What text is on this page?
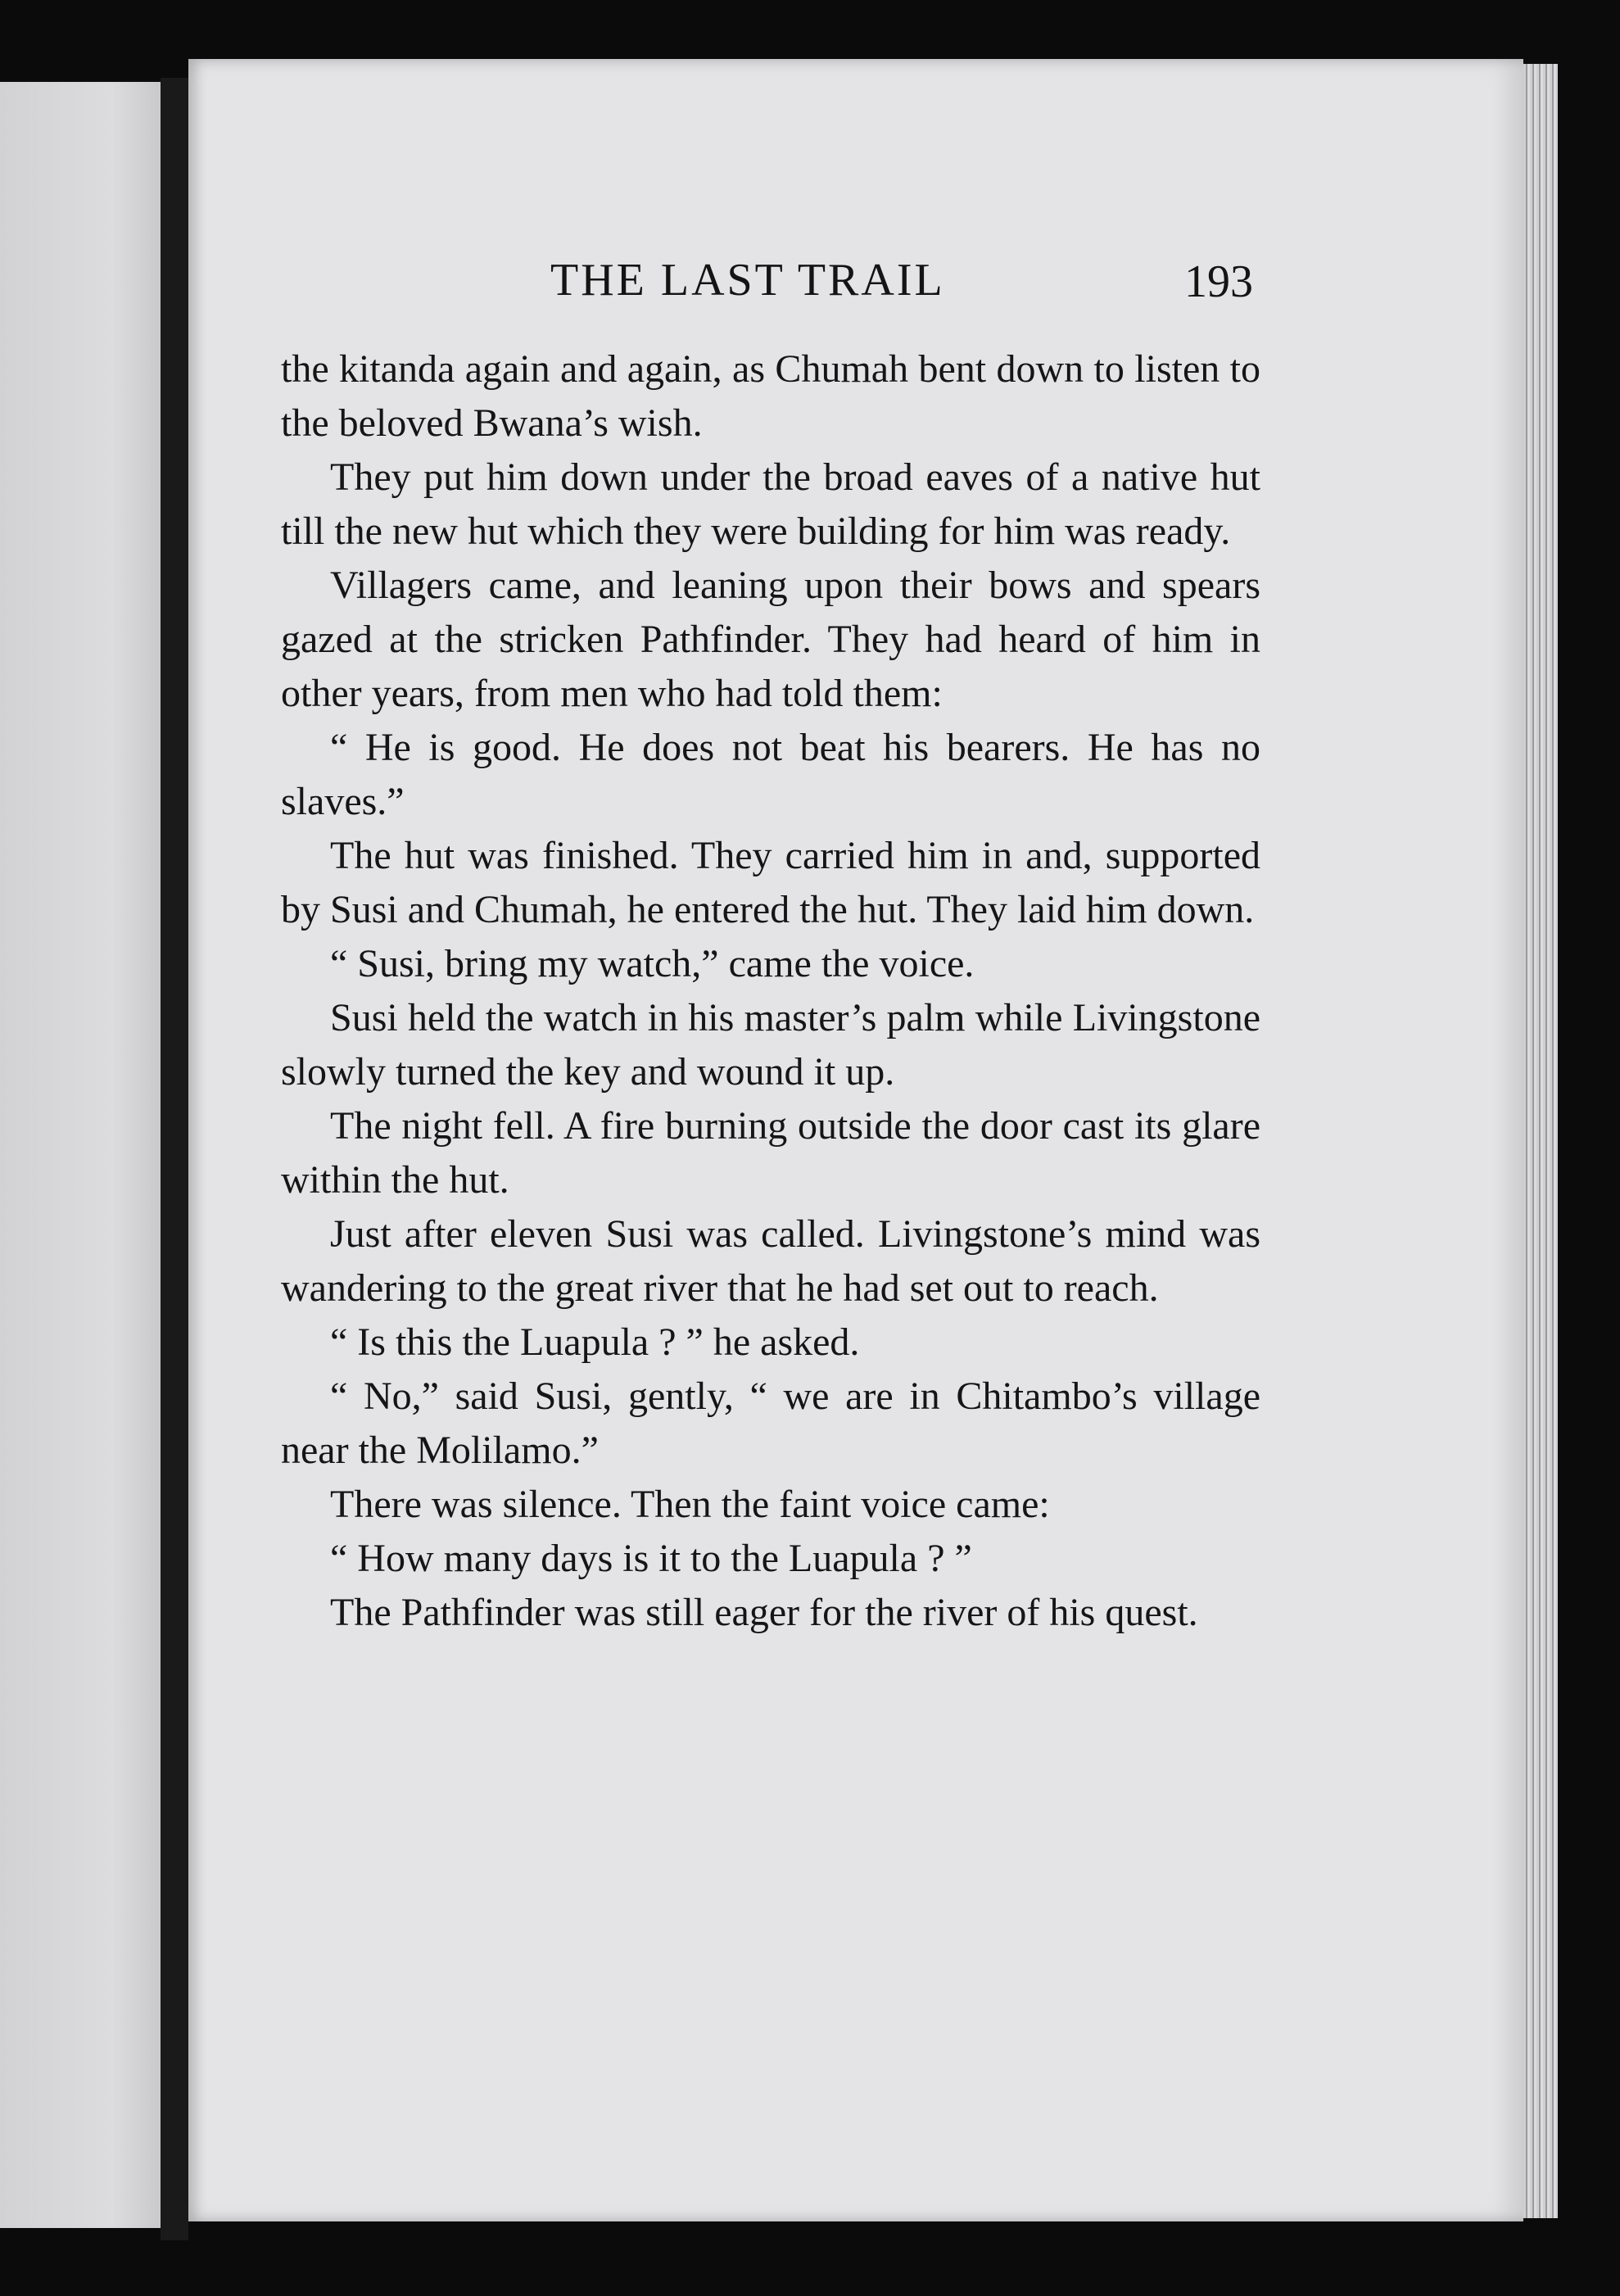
THE LAST TRAIL	193

the kitanda again and again, as Chumah bent down to listen to the beloved Bwana’s wish.

They put him down under the broad eaves of a native hut till the new hut which they were building for him was ready.

Villagers came, and leaning upon their bows and spears gazed at the stricken Pathfinder. They had heard of him in other years, from men who had told them:

“ He is good. He does not beat his bearers. He has no slaves.”

The hut was finished. They carried him in and, supported by Susi and Chumah, he entered the hut. They laid him down.

“ Susi, bring my watch,” came the voice.

Susi held the watch in his master’s palm while Livingstone slowly turned the key and wound it up.

The night fell. A fire burning outside the door cast its glare within the hut.

Just after eleven Susi was called. Livingstone’s mind was wandering to the great river that he had set out to reach.

“ Is this the Luapula ? ” he asked.

“ No,” said Susi, gently, “ we are in Chitambo’s village near the Molilamo.”

There was silence. Then the faint voice came:

“ How many days is it to the Luapula ? ”

The Pathfinder was still eager for the river of his quest.
